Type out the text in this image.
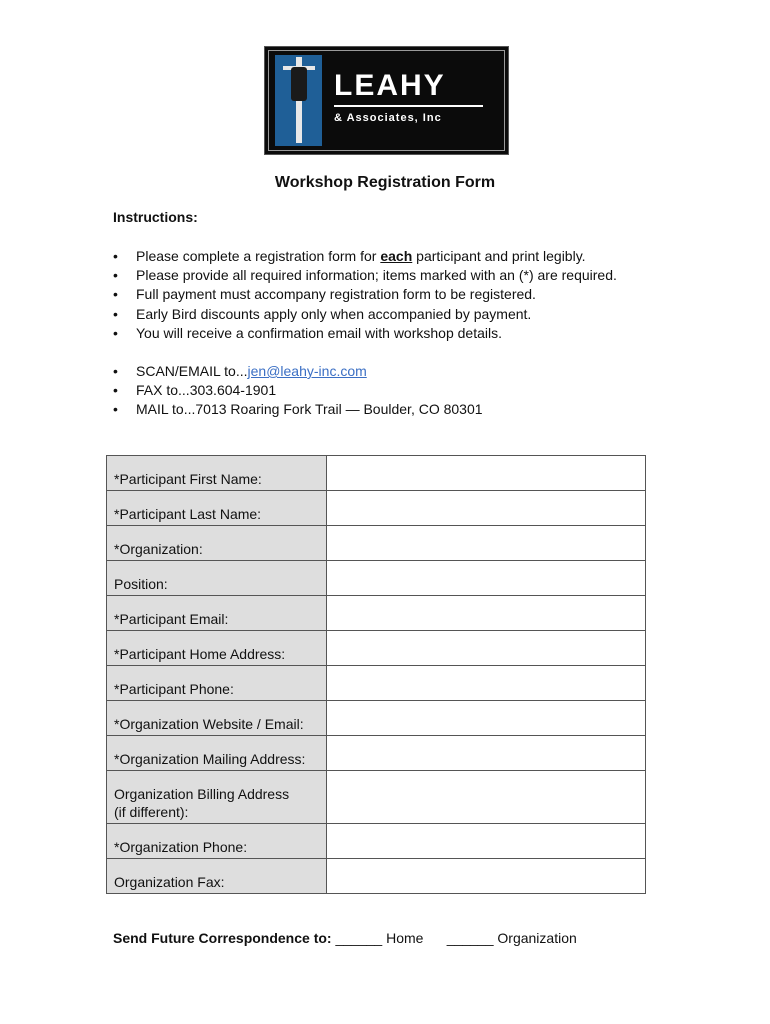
LEAHY
& Associates, Inc
Workshop Registration Form
Instructions:
• Please complete a registration form for each participant and print legibly.
• Please provide all required information; items marked with an (*) are required.
• Full payment must accompany registration form to be registered.
• Early Bird discounts apply only when accompanied by payment.
• You will receive a confirmation email with workshop details.
• SCAN/EMAIL to...jen@leahy-inc.com
• FAX to...303.604-1901
• MAIL to...7013 Roaring Fork Trail — Boulder, CO 80301
*Participant First Name:	
*Participant Last Name:	
*Organization:	
Position:	
*Participant Email:	
*Participant Home Address:	
*Participant Phone:	
*Organization Website / Email:	
*Organization Mailing Address:	
Organization Billing Address
(if different):	
*Organization Phone:	
Organization Fax:	
Send Future Correspondence to: ______ Home ______ Organization
